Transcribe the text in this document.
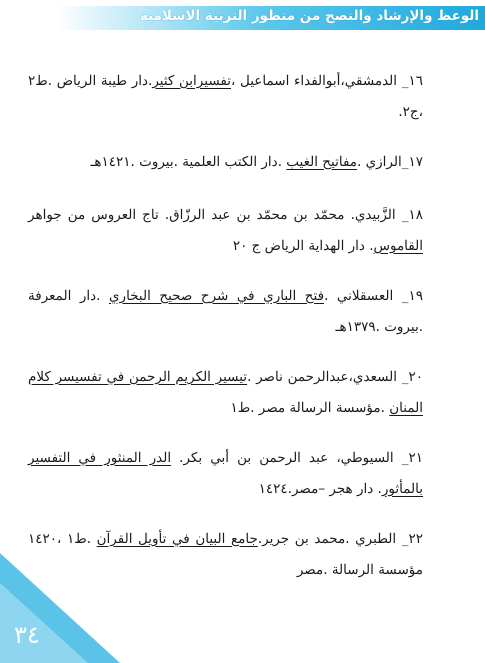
الوعظ والإرشاد والنصح من منظور التربية الاسلامية

١٦_ الدمشقي،أبوالفداء اسماعيل ،تفسيرابن كثير.دار طيبة الرياض .ط٢ ،ج٢.

١٧_الرازي .مفاتيح الغيب .دار الكتب العلمية .بيروت .١٤٢١هـ

١٨_ الزَّبيدي. محمّد بن محمّد بن عبد الرزّاق. تاج العروس من جواهر القاموس. دار الهداية الرياض ج ٢٠

١٩_ العسقلاني .فتح الباري في شرح صحيح البخاري .دار المعرفة .بيروت .١٣٧٩هـ

٢٠_ السعدي،عبدالرحمن ناصر .تيسير الكريم الرحمن في تفسيسر كلام المنان .مؤسسة الرسالة مصر .ط١

٢١_ السيوطي، عبد الرحمن بن أبي بكر. الدر المنثور في التفسير بالمأثور. دار هجر –مصر.١٤٢٤

٢٢_ الطبري .محمد بن جرير.جامع البيان في تأويل القرآن .ط١ ،١٤٢٠ مؤسسة الرسالة .مصر

٣٤
